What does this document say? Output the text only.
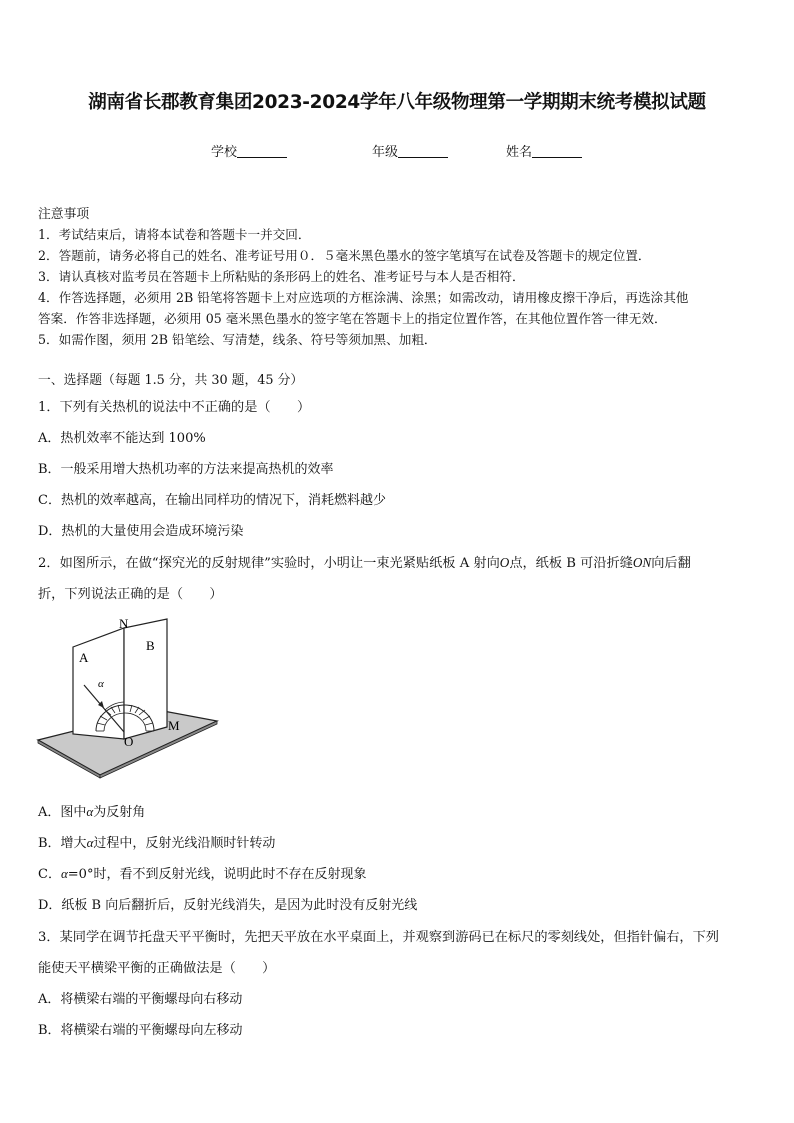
湖南省长郡教育集团2023-2024学年八年级物理第一学期期末统考模拟试题
学校	年级	姓名
注意事项
1．考试结束后，请将本试卷和答题卡一并交回．
2．答题前，请务必将自己的姓名、准考证号用０．５毫米黑色墨水的签字笔填写在试卷及答题卡的规定位置．
3．请认真核对监考员在答题卡上所粘贴的条形码上的姓名、准考证号与本人是否相符．
4．作答选择题，必须用 2B 铅笔将答题卡上对应选项的方框涂满、涂黑；如需改动，请用橡皮擦干净后，再选涂其他
答案．作答非选择题，必须用 05 毫米黑色墨水的签字笔在答题卡上的指定位置作答，在其他位置作答一律无效．
5．如需作图，须用 2B 铅笔绘、写清楚，线条、符号等须加黑、加粗．
一、选择题（每题 1.5 分，共 30 题，45 分）
1．下列有关热机的说法中不正确的是（　　）
A．热机效率不能达到 100%
B．一般采用增大热机功率的方法来提高热机的效率
C．热机的效率越高，在输出同样功的情况下，消耗燃料越少
D．热机的大量使用会造成环境污染
2．如图所示，在做“探究光的反射规律”实验时，小明让一束光紧贴纸板 A 射向O点，纸板 B 可沿折缝ON向后翻
折，下列说法正确的是（　　）
N
A
B
α
O
M
A．图中α为反射角
B．增大α过程中，反射光线沿顺时针转动
C．α=0°时，看不到反射光线，说明此时不存在反射现象
D．纸板 B 向后翻折后，反射光线消失，是因为此时没有反射光线
3．某同学在调节托盘天平平衡时，先把天平放在水平桌面上，并观察到游码已在标尺的零刻线处，但指针偏右，下列
能使天平横梁平衡的正确做法是（　　）
A．将横梁右端的平衡螺母向右移动
B．将横梁右端的平衡螺母向左移动
